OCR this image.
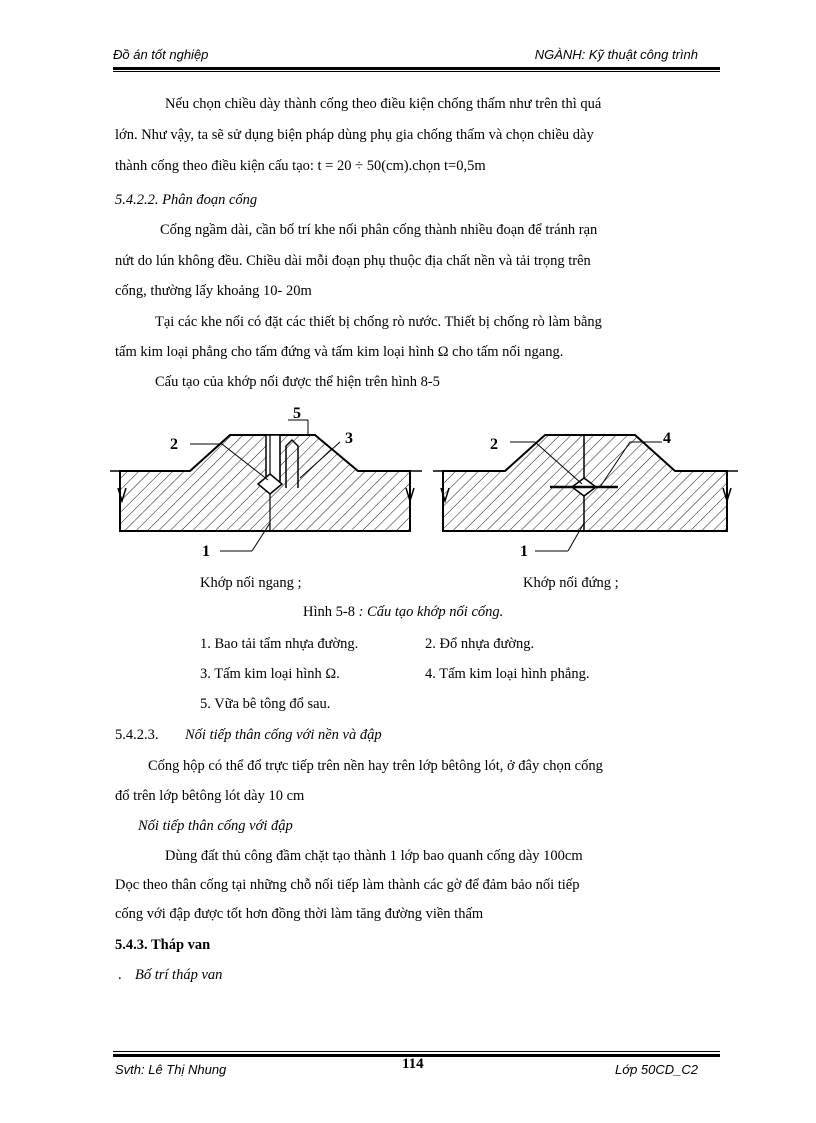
Đồ án tốt nghiệp	NGÀNH: Kỹ thuật công trình
Nếu chọn chiều dày thành cống theo điều kiện chống thấm như trên thì quá
lớn. Như vậy, ta sẽ sử dụng biện pháp dùng phụ gia chống thấm và chọn chiều dày
thành cống theo điều kiện cấu tạo: t = 20 ÷ 50(cm).chọn t=0,5m
5.4.2.2. Phân đoạn cống
Cống ngầm dài, cần bố trí khe nối phân cống thành nhiều đoạn để tránh rạn
nứt do lún không đều. Chiều dài mỗi đoạn phụ thuộc địa chất nền và tải trọng trên
cống, thường lấy khoảng 10- 20m
Tại các khe nối có đặt các thiết bị chống rò nước. Thiết bị chống rò làm bằng
tấm kim loại phẳng cho tấm đứng và tấm kim loại hình Ω cho tấm nối ngang.
Cấu tạo của khớp nối được thể hiện trên hình 8-5
5
3
2
1
2	4
1
Khớp nối ngang ;	Khớp nối đứng ;
Hình 5-8 : Cấu tạo khớp nối cống.
1. Bao tải tẩm nhựa đường.	2. Đổ nhựa đường.
3. Tấm kim loại hình Ω.	4. Tấm kim loại hình phẳng.
5. Vữa bê tông đổ sau.
5.4.2.3. Nối tiếp thân cống với nền và đập
Cống hộp có thể đổ trực tiếp trên nền hay trên lớp bêtông lót, ở đây chọn cống
đổ trên lớp bêtông lót dày 10 cm
Nối tiếp thân cống với đập
Dùng đất thủ công đầm chặt tạo thành 1 lớp bao quanh cống dày 100cm
Dọc theo thân cống tại những chỗ nối tiếp làm thành các gờ để đảm bảo nối tiếp
cống với đập được tốt hơn đồng thời làm tăng đường viền thấm
5.4.3. Tháp van
. Bố trí tháp van
Svth: Lê Thị Nhung	114	Lớp 50CD_C2
